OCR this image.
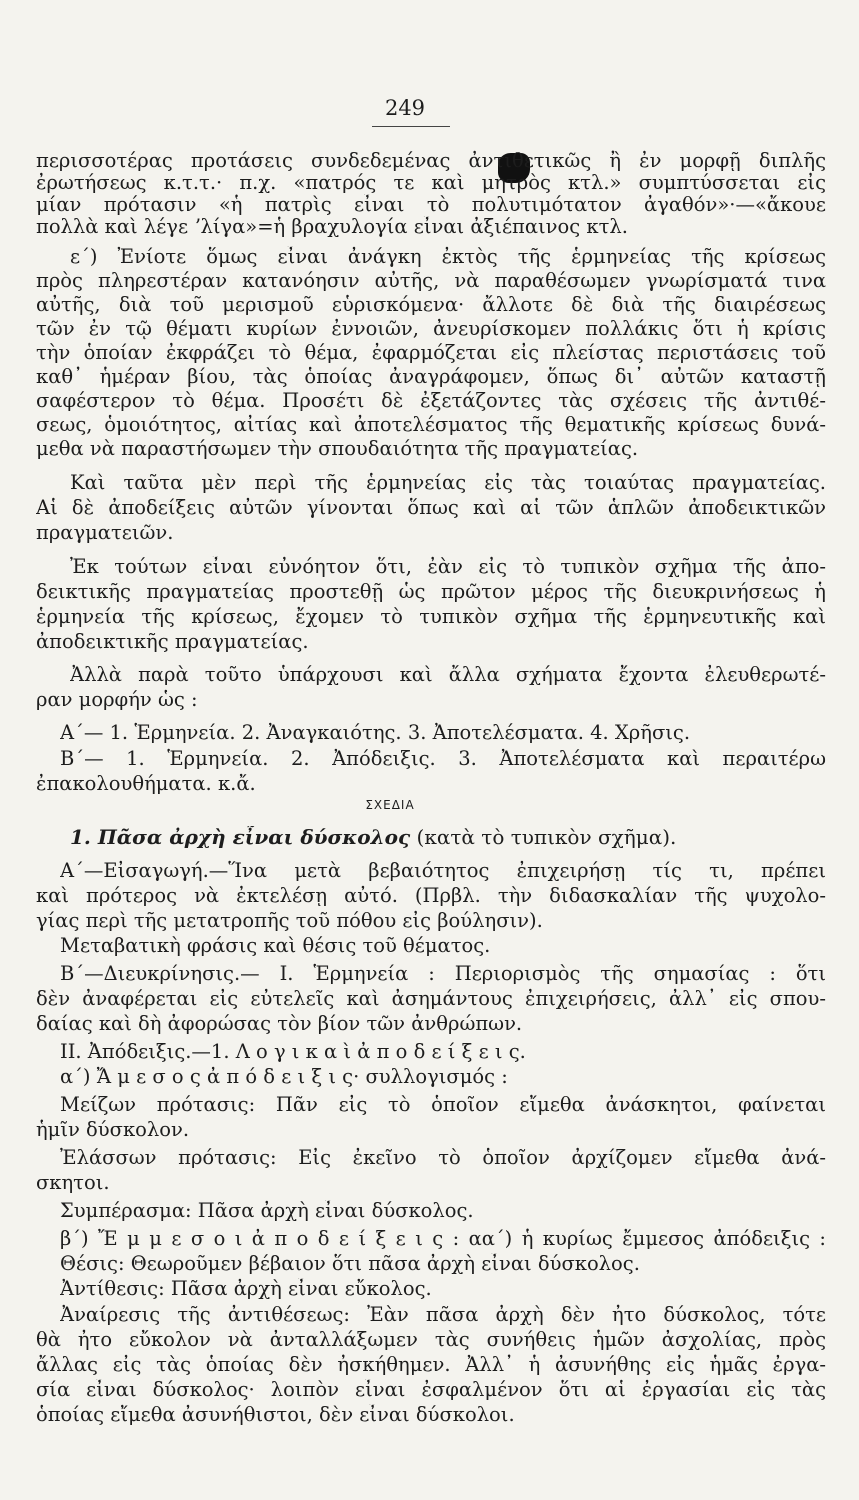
249
περισσοτέρας προτάσεις συνδεδεμένας ἀντιθετικῶς ἢ ἐν μορφῇ διπλῆς
ἐρωτήσεως κ.τ.τ.· π.χ. «πατρός τε καὶ μητρὸς κτλ.» συμπτύσσεται εἰς
μίαν πρότασιν «ἡ πατρὶς εἶναι τὸ πολυτιμότατον ἀγαθόν»·—«ἄκουε
πολλὰ καὶ λέγε ʼλίγα»=ἡ βραχυλογία εἶναι ἀξιέπαινος κτλ.
ε΄) Ἐνίοτε ὅμως εἶναι ἀνάγκη ἐκτὸς τῆς ἑρμηνείας τῆς κρίσεως
πρὸς πληρεστέραν κατανόησιν αὐτῆς, νὰ παραθέσωμεν γνωρίσματά τινα
αὐτῆς, διὰ τοῦ μερισμοῦ εὑρισκόμενα· ἄλλοτε δὲ διὰ τῆς διαιρέσεως
τῶν ἐν τῷ θέματι κυρίων ἐννοιῶν, ἀνευρίσκομεν πολλάκις ὅτι ἡ κρίσις
τὴν ὁποίαν ἐκφράζει τὸ θέμα, ἐφαρμόζεται εἰς πλείστας περιστάσεις τοῦ
καθ᾽ ἡμέραν βίου, τὰς ὁποίας ἀναγράφομεν, ὅπως δι᾽ αὐτῶν καταστῇ
σαφέστερον τὸ θέμα. Προσέτι δὲ ἐξετάζοντες τὰς σχέσεις τῆς ἀντιθέ-
σεως, ὁμοιότητος, αἰτίας καὶ ἀποτελέσματος τῆς θεματικῆς κρίσεως δυνά-
μεθα νὰ παραστήσωμεν τὴν σπουδαιότητα τῆς πραγματείας.
Καὶ ταῦτα μὲν περὶ τῆς ἑρμηνείας εἰς τὰς τοιαύτας πραγματείας.
Αἱ δὲ ἀποδείξεις αὐτῶν γίνονται ὅπως καὶ αἱ τῶν ἁπλῶν ἀποδεικτικῶν
πραγματειῶν.
Ἐκ τούτων εἶναι εὐνόητον ὅτι, ἐὰν εἰς τὸ τυπικὸν σχῆμα τῆς ἀπο-
δεικτικῆς πραγματείας προστεθῇ ὡς πρῶτον μέρος τῆς διευκρινήσεως ἡ
ἑρμηνεία τῆς κρίσεως, ἔχομεν τὸ τυπικὸν σχῆμα τῆς ἑρμηνευτικῆς καὶ
ἀποδεικτικῆς πραγματείας.
Ἀλλὰ παρὰ τοῦτο ὑπάρχουσι καὶ ἄλλα σχήματα ἔχοντα ἐλευθερωτέ-
ραν μορφήν ὡς :
Α΄— 1. Ἑρμηνεία. 2. Ἀναγκαιότης. 3. Ἀποτελέσματα. 4. Χρῆσις.
Β΄— 1. Ἑρμηνεία. 2. Ἀπόδειξις. 3. Ἀποτελέσματα καὶ περαιτέρω
ἐπακολουθήματα. κ.ἄ.
ΣΧΕΔΙΑ
1. Πᾶσα ἀρχὴ εἶναι δύσκολος (κατὰ τὸ τυπικὸν σχῆμα).
Α΄—Εἰσαγωγή.—Ἵνα μετὰ βεβαιότητος ἐπιχειρήσῃ τίς τι, πρέπει
καὶ πρότερος νὰ ἐκτελέσῃ αὐτό. (Πρβλ. τὴν διδασκαλίαν τῆς ψυχολο-
γίας περὶ τῆς μετατροπῆς τοῦ πόθου εἰς βούλησιν).
Μεταβατικὴ φράσις καὶ θέσις τοῦ θέματος.
Β΄—Διευκρίνησις.— Ι. Ἑρμηνεία : Περιορισμὸς τῆς σημασίας : ὅτι
δὲν ἀναφέρεται εἰς εὐτελεῖς καὶ ἀσημάντους ἐπιχειρήσεις, ἀλλ᾽ εἰς σπου-
δαίας καὶ δὴ ἀφορώσας τὸν βίον τῶν ἀνθρώπων.
ΙΙ. Ἀπόδειξις.—1. Λ ο γ ι κ α ὶ ἀ π ο δ ε ί ξ ε ι ς.
α΄) Ἄ μ ε σ ο ς ἀ π ό δ ε ι ξ ι ς· συλλογισμός :
Μείζων πρότασις: Πᾶν εἰς τὸ ὁποῖον εἴμεθα ἀνάσκητοι, φαίνεται
ἡμῖν δύσκολον.
Ἐλάσσων πρότασις: Εἰς ἐκεῖνο τὸ ὁποῖον ἀρχίζομεν εἴμεθα ἀνά-
σκητοι.
Συμπέρασμα: Πᾶσα ἀρχὴ εἶναι δύσκολος.
β΄) Ἔ μ μ ε σ ο ι ἀ π ο δ ε ί ξ ε ι ς : αα΄) ἡ κυρίως ἔμμεσος ἀπόδειξις :
Θέσις: Θεωροῦμεν βέβαιον ὅτι πᾶσα ἀρχὴ εἶναι δύσκολος.
Ἀντίθεσις: Πᾶσα ἀρχὴ εἶναι εὔκολος.
Ἀναίρεσις τῆς ἀντιθέσεως: Ἐὰν πᾶσα ἀρχὴ δὲν ἦτο δύσκολος, τότε
θὰ ἦτο εὔκολον νὰ ἀνταλλάξωμεν τὰς συνήθεις ἡμῶν ἀσχολίας, πρὸς
ἄλλας εἰς τὰς ὁποίας δὲν ἠσκήθημεν. Ἀλλ᾽ ἡ ἀσυνήθης εἰς ἡμᾶς ἐργα-
σία εἶναι δύσκολος· λοιπὸν εἶναι ἐσφαλμένον ὅτι αἱ ἐργασίαι εἰς τὰς
ὁποίας εἴμεθα ἀσυνήθιστοι, δὲν εἶναι δύσκολοι.
